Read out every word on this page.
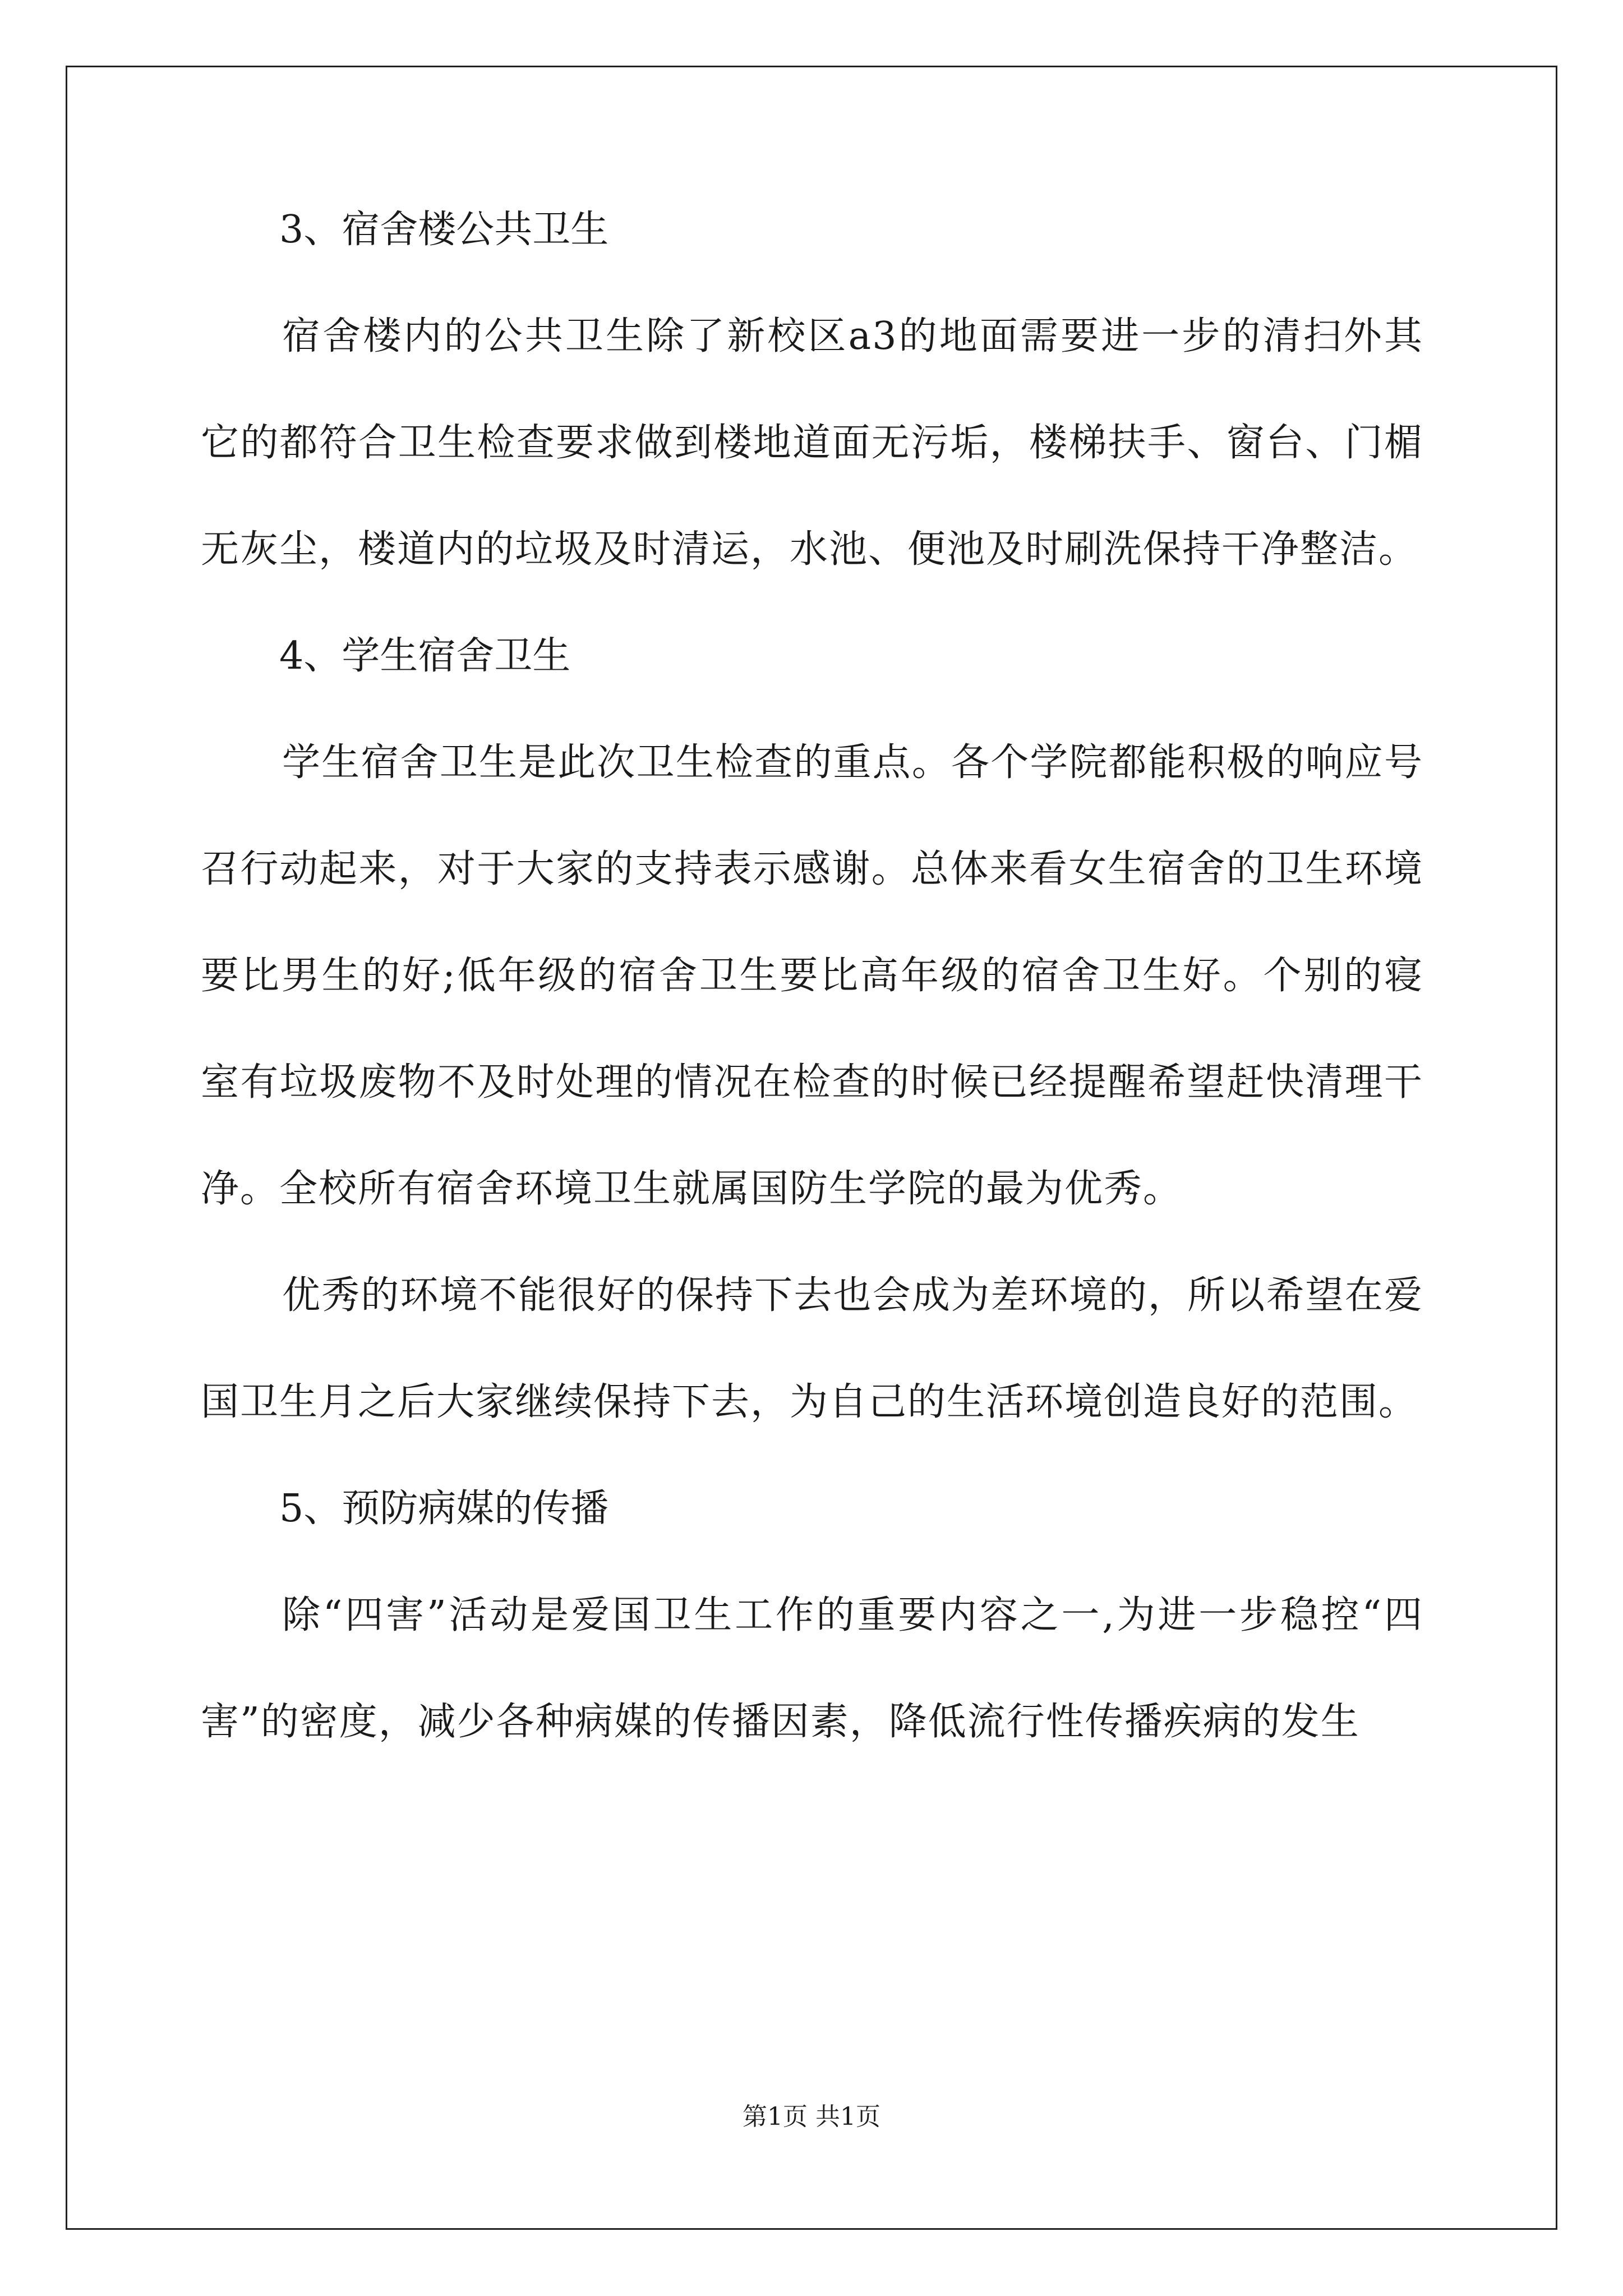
3、宿舍楼公共卫生

宿舍楼内的公共卫生除了新校区a3的地面需要进一步的清扫外其它的都符合卫生检查要求做到楼地道面无污垢，楼梯扶手、窗台、门楣无灰尘，楼道内的垃圾及时清运，水池、便池及时刷洗保持干净整洁。

4、学生宿舍卫生

学生宿舍卫生是此次卫生检查的重点。各个学院都能积极的响应号召行动起来，对于大家的支持表示感谢。总体来看女生宿舍的卫生环境要比男生的好;低年级的宿舍卫生要比高年级的宿舍卫生好。个别的寝室有垃圾废物不及时处理的情况在检查的时候已经提醒希望赶快清理干净。全校所有宿舍环境卫生就属国防生学院的最为优秀。

优秀的环境不能很好的保持下去也会成为差环境的，所以希望在爱国卫生月之后大家继续保持下去，为自己的生活环境创造良好的范围。

5、预防病媒的传播

除“四害”活动是爱国卫生工作的重要内容之一,为进一步稳控“四害”的密度，减少各种病媒的传播因素，降低流行性传播疾病的发生

第1页 共1页
